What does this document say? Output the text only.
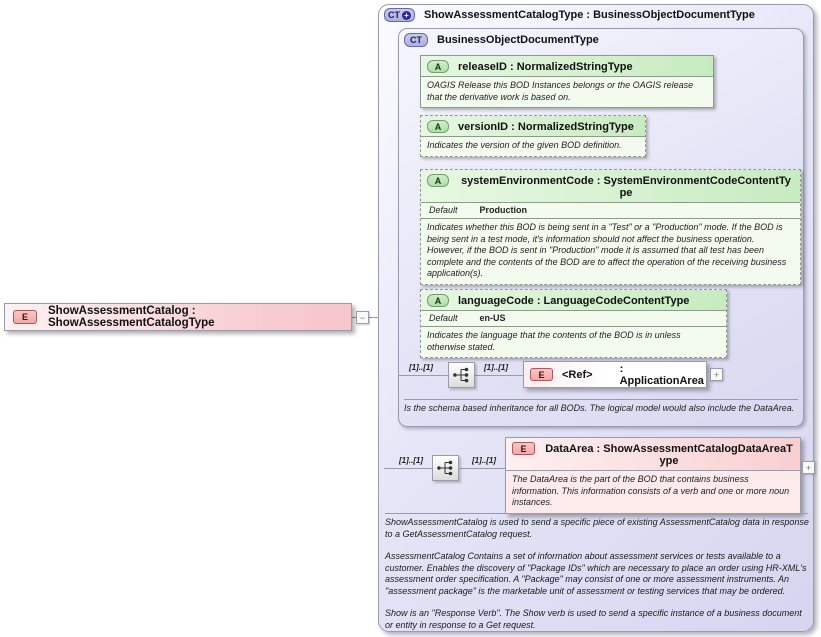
CT + ShowAssessmentCatalogType : BusinessObjectDocumentType
CT BusinessObjectDocumentType
A releaseID : NormalizedStringType
OAGIS Release this BOD Instances belongs or the OAGIS release that the derivative work is based on.
A versionID : NormalizedStringType
Indicates the version of the given BOD definition.
A systemEnvironmentCode : SystemEnvironmentCodeContentType
Default Production
Indicates whether this BOD is being sent in a "Test" or a "Production" mode. If the BOD is being sent in a test mode, it's information should not affect the business operation. However, if the BOD is sent in "Production" mode it is assumed that all test has been complete and the contents of the BOD are to affect the operation of the receiving business application(s).
A languageCode : LanguageCodeContentType
Default en-US
Indicates the language that the contents of the BOD is in unless otherwise stated.
[1]..[1]	[1]..[1]
E <Ref> : ApplicationArea	+
Is the schema based inheritance for all BODs. The logical model would also include the DataArea.
[1]..[1]	[1]..[1]
E DataArea : ShowAssessmentCatalogDataAreaType
The DataArea is the part of the BOD that contains business information. This information consists of a verb and one or more noun instances.
+

ShowAssessmentCatalog is used to send a specific piece of existing AssessmentCatalog data in response to a GetAssessmentCatalog request.

AssessmentCatalog Contains a set of information about assessment services or tests available to a customer. Enables the discovery of "Package IDs" which are necessary to place an order using HR-XML's assessment order specification. A "Package" may consist of one or more assessment instruments. An "assessment package" is the marketable unit of assessment or testing services that may be ordered.

Show is an "Response Verb". The Show verb is used to send a specific instance of a business document or entity in response to a Get request.

E ShowAssessmentCatalog : ShowAssessmentCatalogType	−
